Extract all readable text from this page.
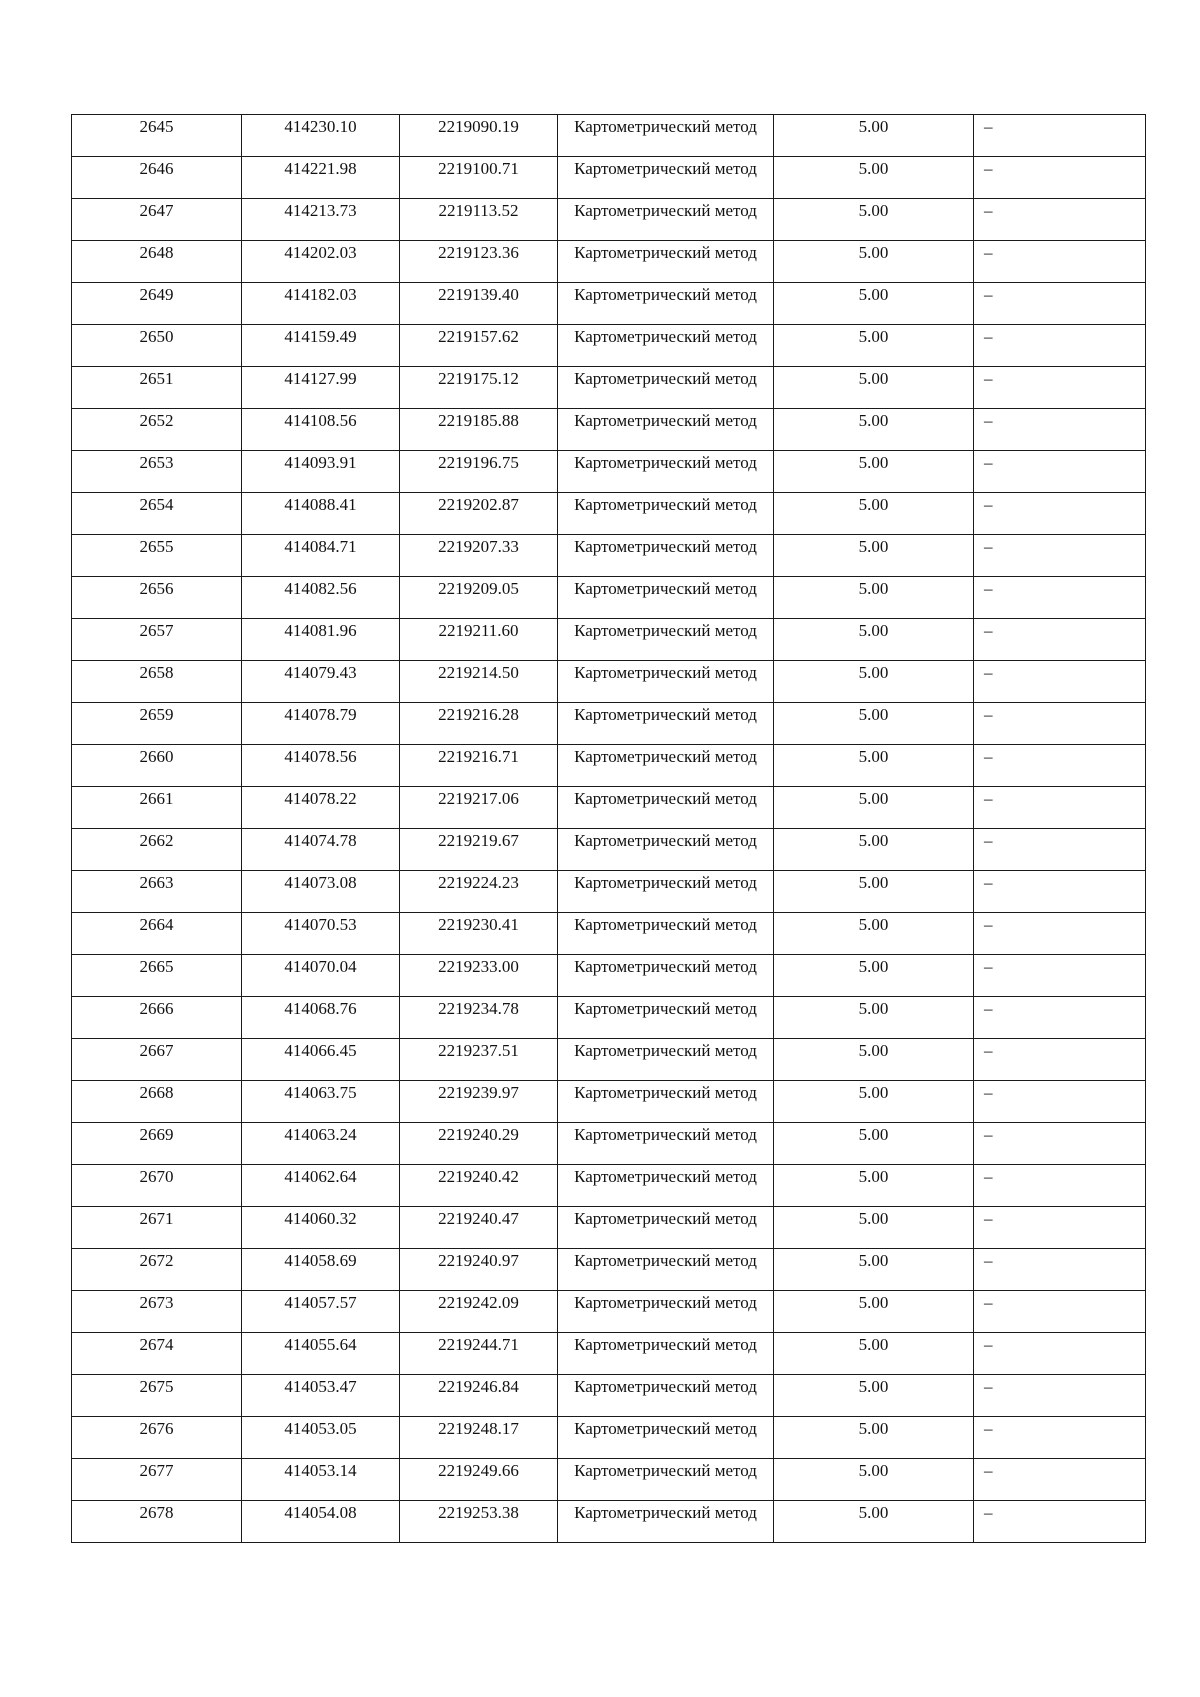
2645	414230.10	2219090.19	Картометрический метод	5.00	–

2646	414221.98	2219100.71	Картометрический метод	5.00	–

2647	414213.73	2219113.52	Картометрический метод	5.00	–

2648	414202.03	2219123.36	Картометрический метод	5.00	–

2649	414182.03	2219139.40	Картометрический метод	5.00	–

2650	414159.49	2219157.62	Картометрический метод	5.00	–

2651	414127.99	2219175.12	Картометрический метод	5.00	–

2652	414108.56	2219185.88	Картометрический метод	5.00	–

2653	414093.91	2219196.75	Картометрический метод	5.00	–

2654	414088.41	2219202.87	Картометрический метод	5.00	–

2655	414084.71	2219207.33	Картометрический метод	5.00	–

2656	414082.56	2219209.05	Картометрический метод	5.00	–

2657	414081.96	2219211.60	Картометрический метод	5.00	–

2658	414079.43	2219214.50	Картометрический метод	5.00	–

2659	414078.79	2219216.28	Картометрический метод	5.00	–

2660	414078.56	2219216.71	Картометрический метод	5.00	–

2661	414078.22	2219217.06	Картометрический метод	5.00	–

2662	414074.78	2219219.67	Картометрический метод	5.00	–

2663	414073.08	2219224.23	Картометрический метод	5.00	–

2664	414070.53	2219230.41	Картометрический метод	5.00	–

2665	414070.04	2219233.00	Картометрический метод	5.00	–

2666	414068.76	2219234.78	Картометрический метод	5.00	–

2667	414066.45	2219237.51	Картометрический метод	5.00	–

2668	414063.75	2219239.97	Картометрический метод	5.00	–

2669	414063.24	2219240.29	Картометрический метод	5.00	–

2670	414062.64	2219240.42	Картометрический метод	5.00	–

2671	414060.32	2219240.47	Картометрический метод	5.00	–

2672	414058.69	2219240.97	Картометрический метод	5.00	–

2673	414057.57	2219242.09	Картометрический метод	5.00	–

2674	414055.64	2219244.71	Картометрический метод	5.00	–

2675	414053.47	2219246.84	Картометрический метод	5.00	–

2676	414053.05	2219248.17	Картометрический метод	5.00	–

2677	414053.14	2219249.66	Картометрический метод	5.00	–

2678	414054.08	2219253.38	Картометрический метод	5.00	–
